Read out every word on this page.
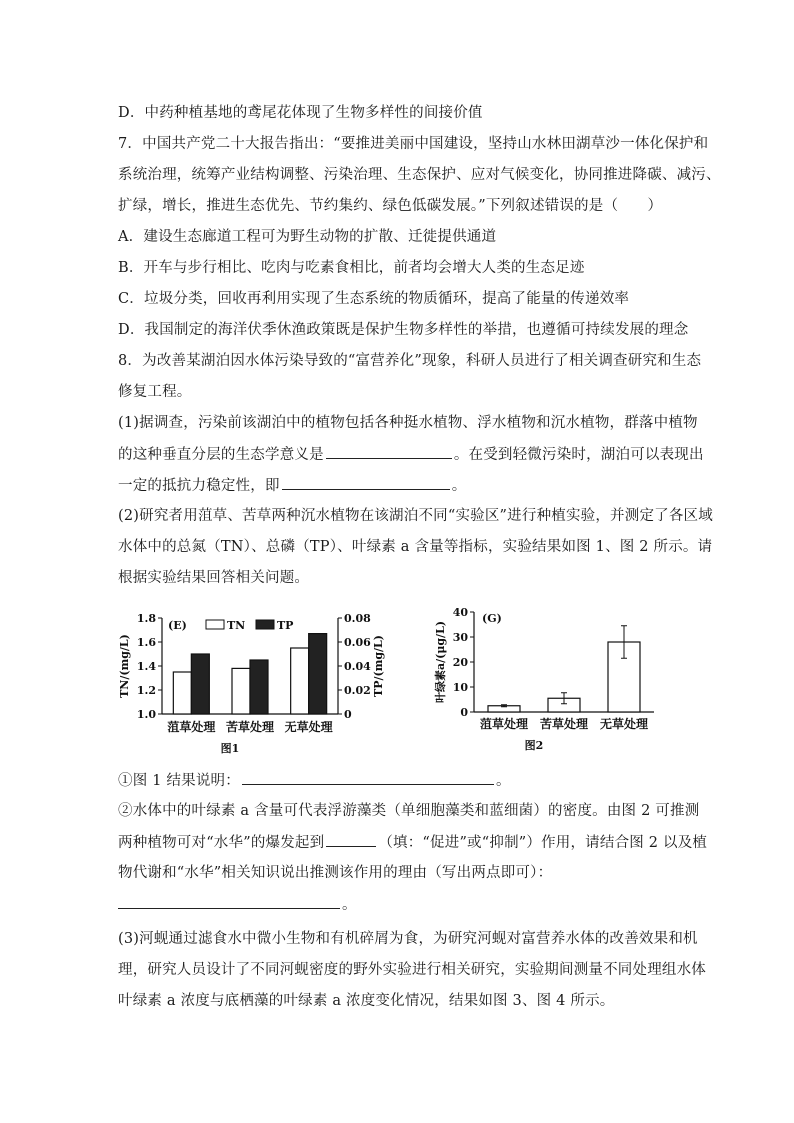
D．中药种植基地的鸢尾花体现了生物多样性的间接价值
7．中国共产党二十大报告指出：“要推进美丽中国建设，坚持山水林田湖草沙一体化保护和
系统治理，统筹产业结构调整、污染治理、生态保护、应对气候变化，协同推进降碳、减污、
扩绿，增长，推进生态优先、节约集约、绿色低碳发展。”下列叙述错误的是（　　）
A．建设生态廊道工程可为野生动物的扩散、迁徙提供通道
B．开车与步行相比、吃肉与吃素食相比，前者均会增大人类的生态足迹
C．垃圾分类，回收再利用实现了生态系统的物质循环，提高了能量的传递效率
D．我国制定的海洋伏季休渔政策既是保护生物多样性的举措，也遵循可持续发展的理念
8．为改善某湖泊因水体污染导致的“富营养化”现象，科研人员进行了相关调查研究和生态
修复工程。
(1)据调查，污染前该湖泊中的植物包括各种挺水植物、浮水植物和沉水植物，群落中植物
的这种垂直分层的生态学意义是	。在受到轻微污染时，湖泊可以表现出
一定的抵抗力稳定性，即	。
(2)研究者用菹草、苦草两种沉水植物在该湖泊不同“实验区”进行种植实验，并测定了各区域
水体中的总氮（TN）、总磷（TP）、叶绿素 a 含量等指标，实验结果如图 1、图 2 所示。请
根据实验结果回答相关问题。
1.0
1.2
1.4
1.6
1.8
0
0.02
0.04
0.06
0.08
TN/(mg/L)	TP/(mg/L)
菹草处理 苦草处理 无草处理
(E)	TN	TP
图1
0
10
20
30
40
叶绿素a/(μg/L)
(G)
菹草处理 苦草处理 无草处理
图2
①图 1 结果说明：	。
②水体中的叶绿素 a 含量可代表浮游藻类（单细胞藻类和蓝细菌）的密度。由图 2 可推测
两种植物可对“水华”的爆发起到	（填：“促进”或“抑制”）作用，请结合图 2 以及植
物代谢和“水华”相关知识说出推测该作用的理由（写出两点即可）：
。
(3)河蚬通过滤食水中微小生物和有机碎屑为食，为研究河蚬对富营养水体的改善效果和机
理，研究人员设计了不同河蚬密度的野外实验进行相关研究，实验期间测量不同处理组水体
叶绿素 a 浓度与底栖藻的叶绿素 a 浓度变化情况，结果如图 3、图 4 所示。
